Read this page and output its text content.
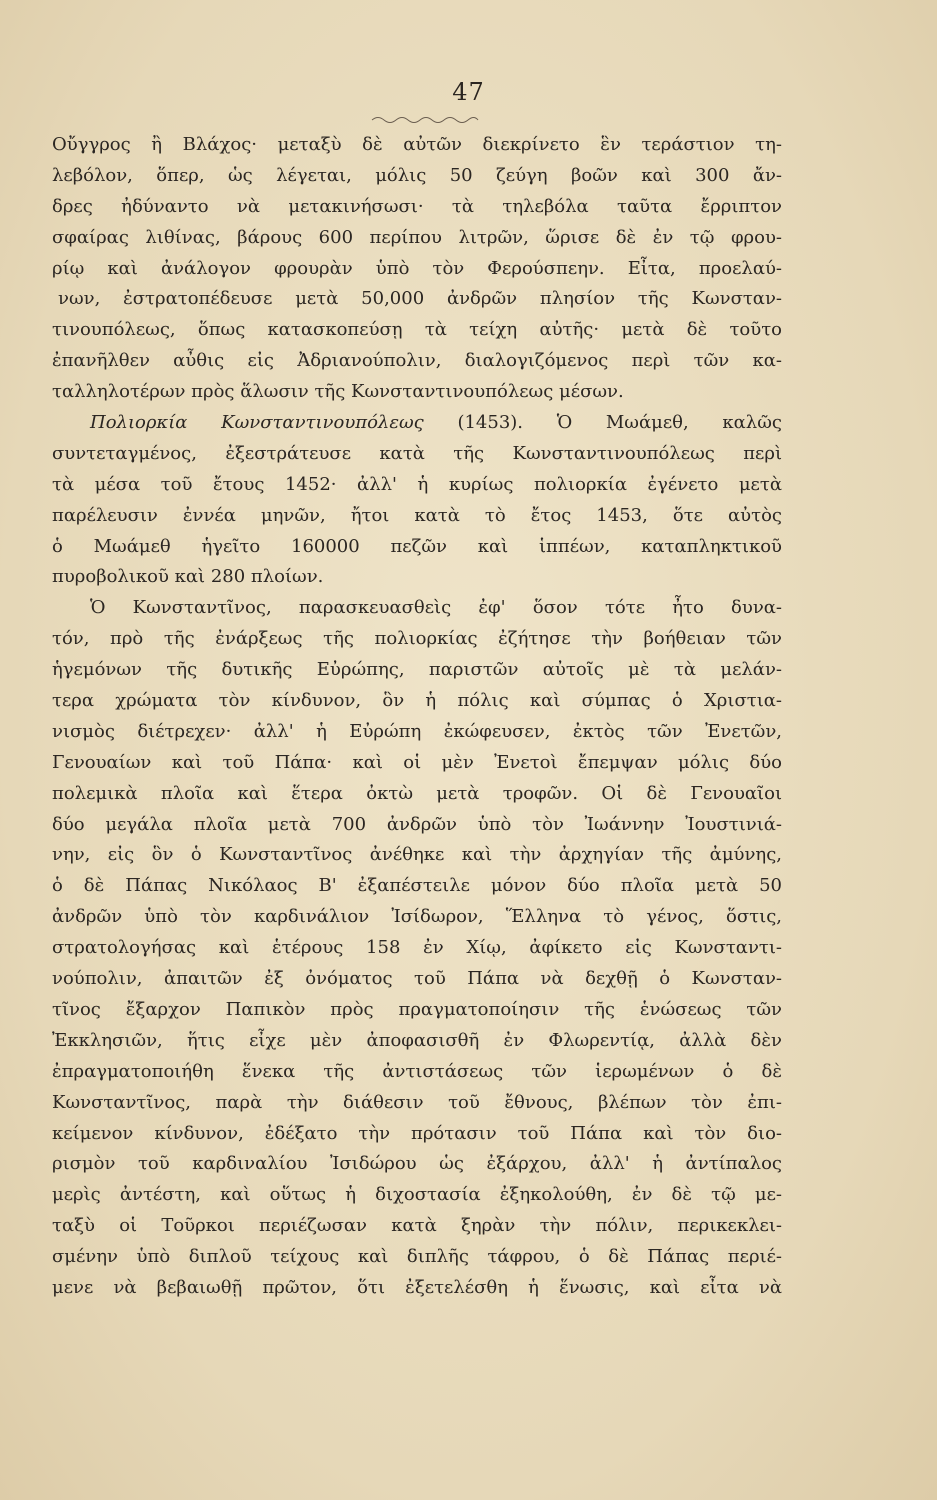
47
Οὔγγρος ἢ Βλάχος· μεταξὺ δὲ αὐτῶν διεκρίνετο ἓν τεράστιον τη-
λεβόλον, ὅπερ, ὡς λέγεται, μόλις 50 ζεύγη βοῶν καὶ 300 ἄν-
δρες ἠδύναντο νὰ μετακινήσωσι· τὰ τηλεβόλα ταῦτα ἔρριπτον
σφαίρας λιθίνας, βάρους 600 περίπου λιτρῶν, ὥρισε δὲ ἐν τῷ φρου-
ρίῳ καὶ ἀνάλογον φρουρὰν ὑπὸ τὸν Φερούσπεην. Εἶτα, προελαύ-
νων, ἐστρατοπέδευσε μετὰ 50,000 ἀνδρῶν πλησίον τῆς Κωνσταν-
τινουπόλεως, ὅπως κατασκοπεύσῃ τὰ τείχη αὐτῆς· μετὰ δὲ τοῦτο
ἐπανῆλθεν αὖθις εἰς Ἀδριανούπολιν, διαλογιζόμενος περὶ τῶν κα-
ταλληλοτέρων πρὸς ἅλωσιν τῆς Κωνσταντινουπόλεως μέσων.
Πολιορκία Κωνσταντινουπόλεως (1453). Ὁ Μωάμεθ, καλῶς
συντεταγμένος, ἐξεστράτευσε κατὰ τῆς Κωνσταντινουπόλεως περὶ
τὰ μέσα τοῦ ἔτους 1452· ἀλλ' ἡ κυρίως πολιορκία ἐγένετο μετὰ
παρέλευσιν ἐννέα μηνῶν, ἤτοι κατὰ τὸ ἔτος 1453, ὅτε αὐτὸς
ὁ Μωάμεθ ἡγεῖτο 160000 πεζῶν καὶ ἱππέων, καταπληκτικοῦ
πυροβολικοῦ καὶ 280 πλοίων.
Ὁ Κωνσταντῖνος, παρασκευασθεὶς ἐφ' ὅσον τότε ἦτο δυνα-
τόν, πρὸ τῆς ἐνάρξεως τῆς πολιορκίας ἐζήτησε τὴν βοήθειαν τῶν
ἡγεμόνων τῆς δυτικῆς Εὐρώπης, παριστῶν αὐτοῖς μὲ τὰ μελάν-
τερα χρώματα τὸν κίνδυνον, ὃν ἡ πόλις καὶ σύμπας ὁ Χριστια-
νισμὸς διέτρεχεν· ἀλλ' ἡ Εὐρώπη ἐκώφευσεν, ἐκτὸς τῶν Ἐνετῶν,
Γενουαίων καὶ τοῦ Πάπα· καὶ οἱ μὲν Ἐνετοὶ ἔπεμψαν μόλις δύο
πολεμικὰ πλοῖα καὶ ἕτερα ὀκτὼ μετὰ τροφῶν. Οἱ δὲ Γενουαῖοι
δύο μεγάλα πλοῖα μετὰ 700 ἀνδρῶν ὑπὸ τὸν Ἰωάννην Ἰουστινιά-
νην, εἰς ὃν ὁ Κωνσταντῖνος ἀνέθηκε καὶ τὴν ἀρχηγίαν τῆς ἀμύνης,
ὁ δὲ Πάπας Νικόλαος Β' ἐξαπέστειλε μόνον δύο πλοῖα μετὰ 50
ἀνδρῶν ὑπὸ τὸν καρδινάλιον Ἰσίδωρον, Ἕλληνα τὸ γένος, ὅστις,
στρατολογήσας καὶ ἑτέρους 158 ἐν Χίῳ, ἀφίκετο εἰς Κωνσταντι-
νούπολιν, ἀπαιτῶν ἐξ ὀνόματος τοῦ Πάπα νὰ δεχθῇ ὁ Κωνσταν-
τῖνος ἔξαρχον Παπικὸν πρὸς πραγματοποίησιν τῆς ἑνώσεως τῶν
Ἐκκλησιῶν, ἥτις εἶχε μὲν ἀποφασισθῆ ἐν Φλωρεντίᾳ, ἀλλὰ δὲν
ἐπραγματοποιήθη ἕνεκα τῆς ἀντιστάσεως τῶν ἱερωμένων ὁ δὲ
Κωνσταντῖνος, παρὰ τὴν διάθεσιν τοῦ ἔθνους, βλέπων τὸν ἐπι-
κείμενον κίνδυνον, ἐδέξατο τὴν πρότασιν τοῦ Πάπα καὶ τὸν διο-
ρισμὸν τοῦ καρδιναλίου Ἰσιδώρου ὡς ἐξάρχου, ἀλλ' ἡ ἀντίπαλος
μερὶς ἀντέστη, καὶ οὕτως ἡ διχοστασία ἐξηκολούθη, ἐν δὲ τῷ με-
ταξὺ οἱ Τοῦρκοι περιέζωσαν κατὰ ξηρὰν τὴν πόλιν, περικεκλει-
σμένην ὑπὸ διπλοῦ τείχους καὶ διπλῆς τάφρου, ὁ δὲ Πάπας περιέ-
μενε νὰ βεβαιωθῇ πρῶτον, ὅτι ἐξετελέσθη ἡ ἕνωσις, καὶ εἶτα νὰ
